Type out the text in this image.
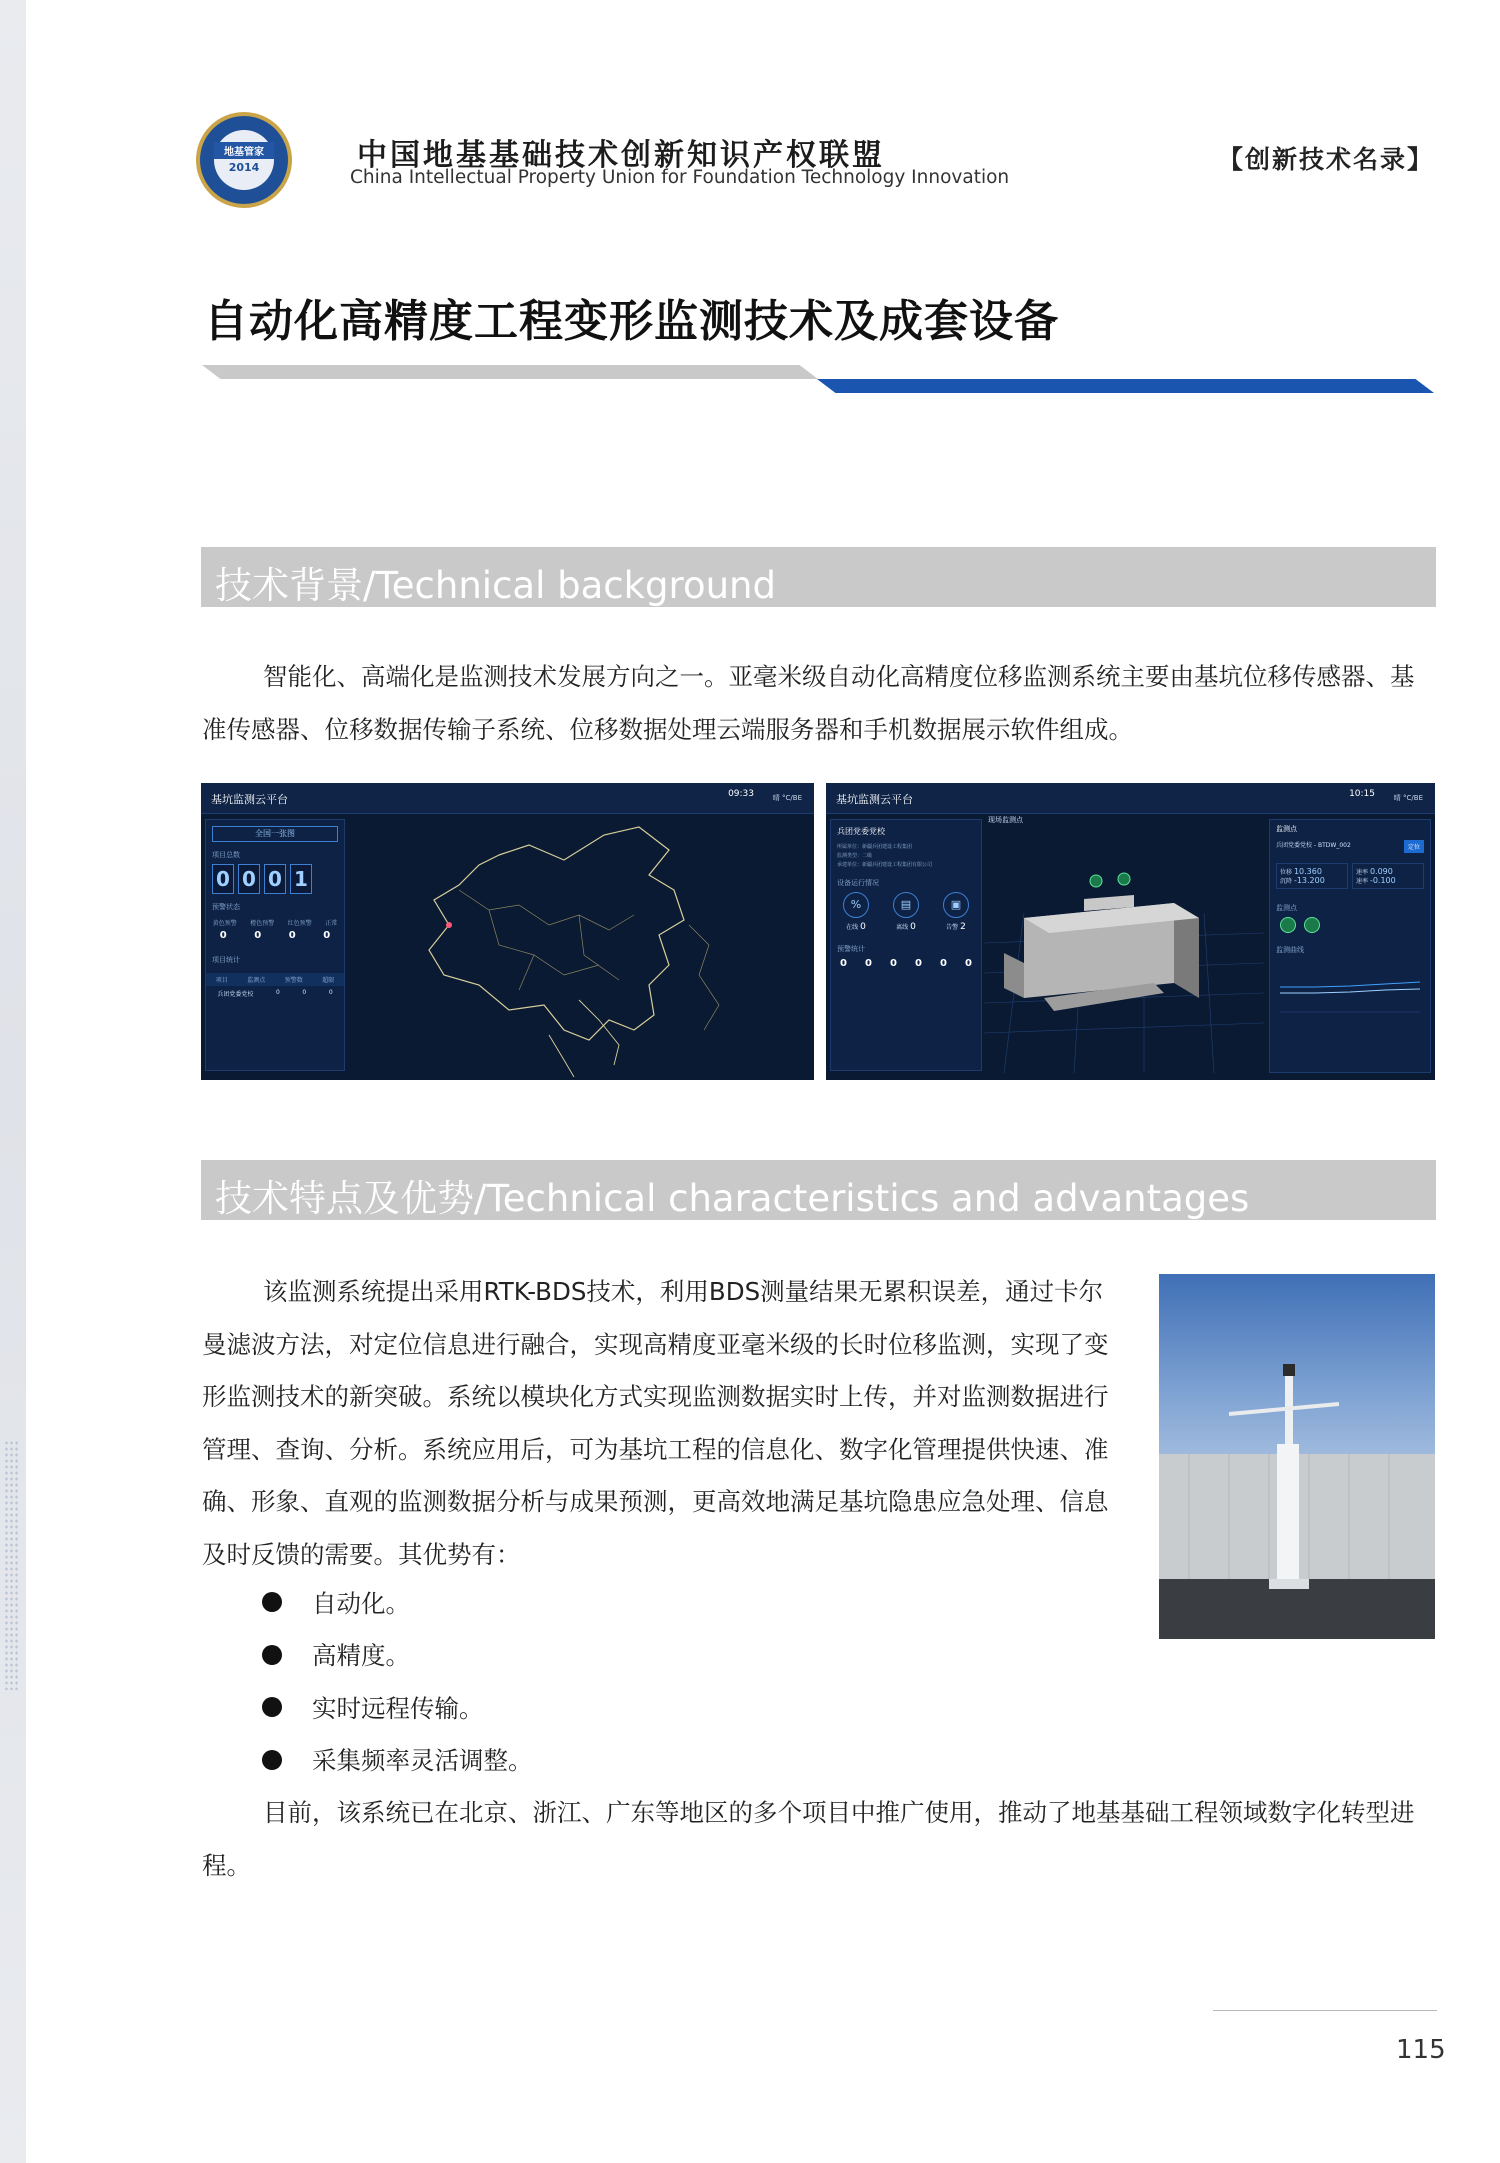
地基管家
2014	中国地基基础技术创新知识产权联盟
China Intellectual Property Union for Foundation Technology Innovation
【创新技术名录】
自动化高精度工程变形监测技术及成套设备
技术背景/Technical background

智能化、高端化是监测技术发展方向之一。亚毫米级自动化高精度位移监测系统主要由基坑位移传感器、基准传感器、位移数据传输子系统、位移数据处理云端服务器和手机数据展示软件组成。

基坑监测云平台	09:33	晴 °C/BE
全国一张图
项目总数
0 0 0 1
预警状态
黄色预警 橙色预警 红色预警 正常
0	0	0	0
项目统计
项目	监测点	预警数	超限
兵团党委党校	0	0	0
基坑监测云平台	10:15	晴 °C/BE
兵团党委党校
所属单位：新疆兵团建设工程集团
监测类型：二级
承建单位：新疆兵团建设工程集团有限公司
设备运行情况
%
在线 0
▤
离线 0
▣
告警 2
预警统计
0 0 0 0 0 0
现场监测点
监测点
兵团党委党校 - BTDW_002	定位
位移 10.360
沉降 -13.200
速率 0.090
速率 -0.100
监测点
监测曲线
技术特点及优势/Technical characteristics and advantages

该监测系统提出采用RTK-BDS技术，利用BDS测量结果无累积误差，通过卡尔曼滤波方法，对定位信息进行融合，实现高精度亚毫米级的长时位移监测，实现了变形监测技术的新突破。系统以模块化方式实现监测数据实时上传，并对监测数据进行管理、查询、分析。系统应用后，可为基坑工程的信息化、数字化管理提供快速、准确、形象、直观的监测数据分析与成果预测，更高效地满足基坑隐患应急处理、信息及时反馈的需要。其优势有：

自动化。
高精度。
实时远程传输。
采集频率灵活调整。

目前，该系统已在北京、浙江、广东等地区的多个项目中推广使用，推动了地基基础工程领域数字化转型进程。

115
